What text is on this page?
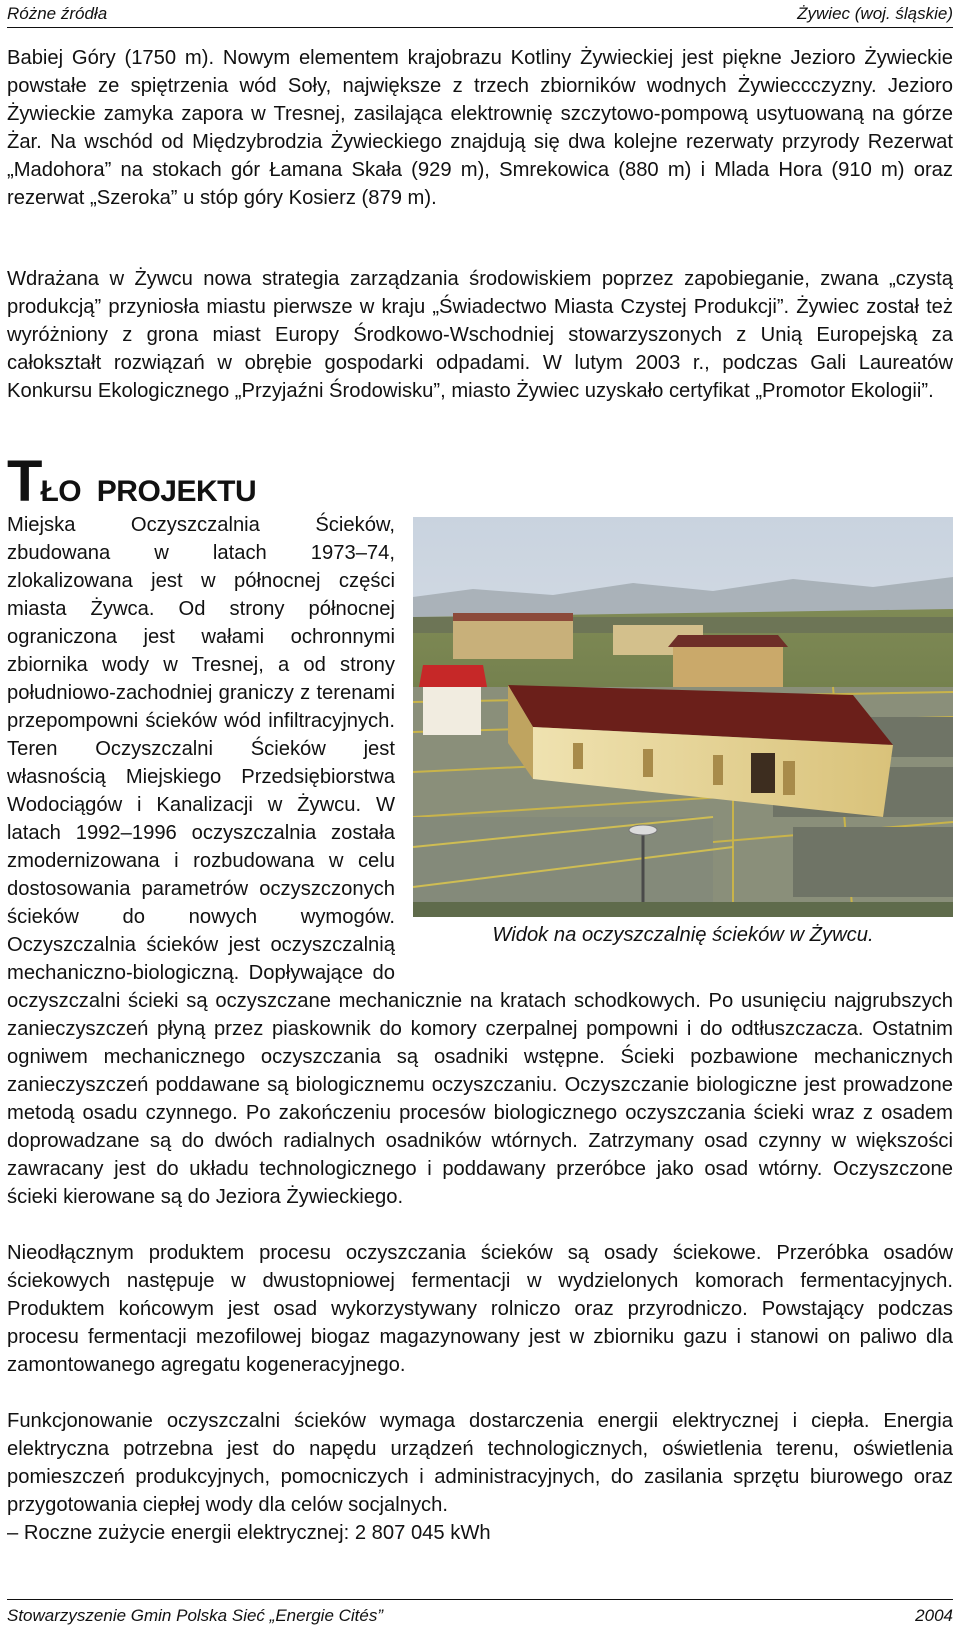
Różne źródła	Żywiec (woj. śląskie)

Babiej Góry (1750 m). Nowym elementem krajobrazu Kotliny Żywieckiej jest piękne Jezioro Żywieckie powstałe ze spiętrzenia wód Soły, największe z trzech zbiorników wodnych Żywieccczyzny. Jezioro Żywieckie zamyka zapora w Tresnej, zasilająca elektrownię szczytowo-pompową usytuowaną na górze Żar. Na wschód od Międzybrodzia Żywieckiego znajdują się dwa kolejne rezerwaty przyrody Rezerwat „Madohora” na stokach gór Łamana Skała (929 m), Smrekowica (880 m) i Mlada Hora (910 m) oraz rezerwat „Szeroka” u stóp góry Kosierz (879 m).

Wdrażana w Żywcu nowa strategia zarządzania środowiskiem poprzez zapobieganie, zwana „czystą produkcją” przyniosła miastu pierwsze w kraju „Świadectwo Miasta Czystej Produkcji”. Żywiec został też wyróżniony z grona miast Europy Środkowo-Wschodniej stowarzyszonych z Unią Europejską za całokształt rozwiązań w obrębie gospodarki odpadami. W lutym 2003 r., podczas Gali Laureatów Konkursu Ekologicznego „Przyjaźni Środowisku”, miasto Żywiec uzyskało certyfikat „Promotor Ekologii”.

TŁO PROJEKTU
Widok na oczyszczalnię ścieków w Żywcu.

Miejska Oczyszczalnia Ścieków, zbudowana w latach 1973–74, zlokalizowana jest w północnej części miasta Żywca. Od strony północnej ograniczona jest wałami ochronnymi zbiornika wody w Tresnej, a od strony południowo-zachodniej graniczy z terenami przepompowni ścieków wód infiltracyjnych. Teren Oczyszczalni Ścieków jest własnością Miejskiego Przedsiębiorstwa Wodociągów i Kanalizacji w Żywcu. W latach 1992–1996 oczyszczalnia została zmodernizowana i rozbudowana w celu dostosowania parametrów oczyszczonych ścieków do nowych wymogów. Oczyszczalnia ścieków jest oczyszczalnią mechaniczno-biologiczną. Dopływające do oczyszczalni ścieki są oczyszczane mechanicznie na kratach schodkowych. Po usunięciu najgrubszych zanieczyszczeń płyną przez piaskownik do komory czerpalnej pompowni i do odtłuszczacza. Ostatnim ogniwem mechanicznego oczyszczania są osadniki wstępne. Ścieki pozbawione mechanicznych zanieczyszczeń poddawane są biologicznemu oczyszczaniu. Oczyszczanie biologiczne jest prowadzone metodą osadu czynnego. Po zakończeniu procesów biologicznego oczyszczania ścieki wraz z osadem doprowadzane są do dwóch radialnych osadników wtórnych. Zatrzymany osad czynny w większości zawracany jest do układu technologicznego i poddawany przeróbce jako osad wtórny. Oczyszczone ścieki kierowane są do Jeziora Żywieckiego.

Nieodłącznym produktem procesu oczyszczania ścieków są osady ściekowe. Przeróbka osadów ściekowych następuje w dwustopniowej fermentacji w wydzielonych komorach fermentacyjnych. Produktem końcowym jest osad wykorzystywany rolniczo oraz przyrodniczo. Powstający podczas procesu fermentacji mezofilowej biogaz magazynowany jest w zbiorniku gazu i stanowi on paliwo dla zamontowanego agregatu kogeneracyjnego.

Funkcjonowanie oczyszczalni ścieków wymaga dostarczenia energii elektrycznej i ciepła. Energia elektryczna potrzebna jest do napędu urządzeń technologicznych, oświetlenia terenu, oświetlenia pomieszczeń produkcyjnych, pomocniczych i administracyjnych, do zasilania sprzętu biurowego oraz przygotowania ciepłej wody dla celów socjalnych.

– Roczne zużycie energii elektrycznej: 2 807 045 kWh

Stowarzyszenie Gmin Polska Sieć „Energie Cités”	2004
